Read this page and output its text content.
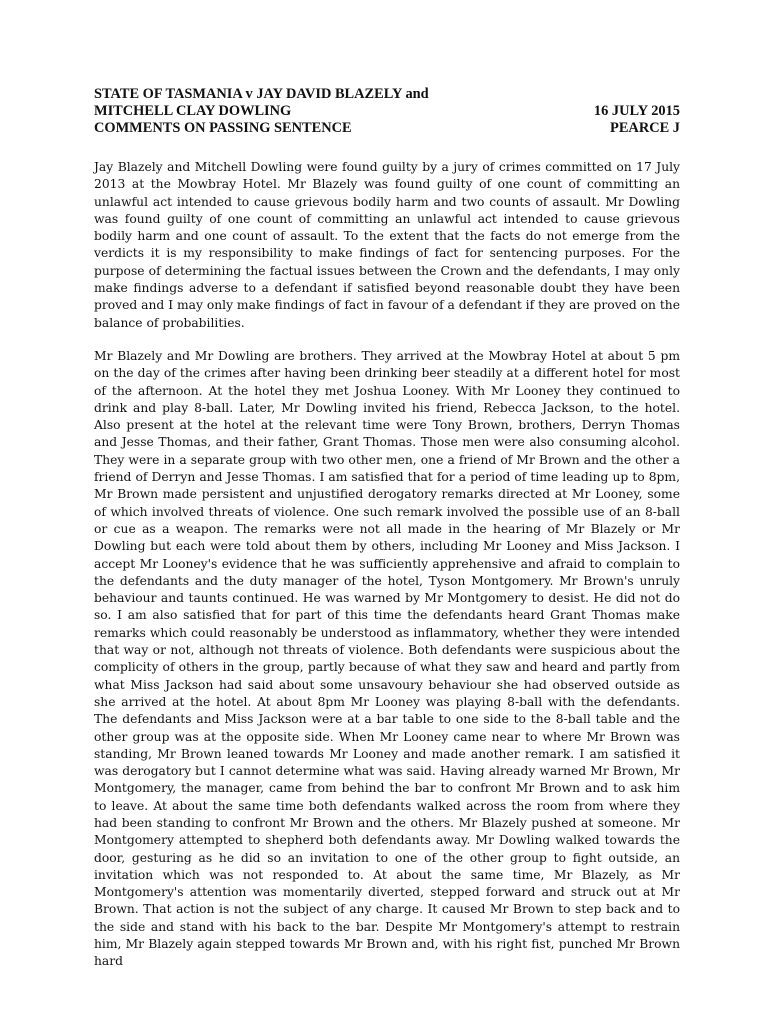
STATE OF TASMANIA v JAY DAVID BLAZELY and
MITCHELL CLAY DOWLING	16 JULY 2015
COMMENTS ON PASSING SENTENCE	PEARCE J

Jay Blazely and Mitchell Dowling were found guilty by a jury of crimes committed on 17 July 2013 at the Mowbray Hotel. Mr Blazely was found guilty of one count of committing an unlawful act intended to cause grievous bodily harm and two counts of assault. Mr Dowling was found guilty of one count of committing an unlawful act intended to cause grievous bodily harm and one count of assault. To the extent that the facts do not emerge from the verdicts it is my responsibility to make findings of fact for sentencing purposes. For the purpose of determining the factual issues between the Crown and the defendants, I may only make findings adverse to a defendant if satisfied beyond reasonable doubt they have been proved and I may only make findings of fact in favour of a defendant if they are proved on the balance of probabilities.

Mr Blazely and Mr Dowling are brothers. They arrived at the Mowbray Hotel at about 5 pm on the day of the crimes after having been drinking beer steadily at a different hotel for most of the afternoon. At the hotel they met Joshua Looney. With Mr Looney they continued to drink and play 8-ball. Later, Mr Dowling invited his friend, Rebecca Jackson, to the hotel. Also present at the hotel at the relevant time were Tony Brown, brothers, Derryn Thomas and Jesse Thomas, and their father, Grant Thomas. Those men were also consuming alcohol. They were in a separate group with two other men, one a friend of Mr Brown and the other a friend of Derryn and Jesse Thomas. I am satisfied that for a period of time leading up to 8pm, Mr Brown made persistent and unjustified derogatory remarks directed at Mr Looney, some of which involved threats of violence. One such remark involved the possible use of an 8-ball or cue as a weapon. The remarks were not all made in the hearing of Mr Blazely or Mr Dowling but each were told about them by others, including Mr Looney and Miss Jackson. I accept Mr Looney's evidence that he was sufficiently apprehensive and afraid to complain to the defendants and the duty manager of the hotel, Tyson Montgomery. Mr Brown's unruly behaviour and taunts continued. He was warned by Mr Montgomery to desist. He did not do so. I am also satisfied that for part of this time the defendants heard Grant Thomas make remarks which could reasonably be understood as inflammatory, whether they were intended that way or not, although not threats of violence. Both defendants were suspicious about the complicity of others in the group, partly because of what they saw and heard and partly from what Miss Jackson had said about some unsavoury behaviour she had observed outside as she arrived at the hotel. At about 8pm Mr Looney was playing 8-ball with the defendants. The defendants and Miss Jackson were at a bar table to one side to the 8-ball table and the other group was at the opposite side. When Mr Looney came near to where Mr Brown was standing, Mr Brown leaned towards Mr Looney and made another remark. I am satisfied it was derogatory but I cannot determine what was said. Having already warned Mr Brown, Mr Montgomery, the manager, came from behind the bar to confront Mr Brown and to ask him to leave. At about the same time both defendants walked across the room from where they had been standing to confront Mr Brown and the others. Mr Blazely pushed at someone. Mr Montgomery attempted to shepherd both defendants away. Mr Dowling walked towards the door, gesturing as he did so an invitation to one of the other group to fight outside, an invitation which was not responded to. At about the same time, Mr Blazely, as Mr Montgomery's attention was momentarily diverted, stepped forward and struck out at Mr Brown. That action is not the subject of any charge. It caused Mr Brown to step back and to the side and stand with his back to the bar. Despite Mr Montgomery's attempt to restrain him, Mr Blazely again stepped towards Mr Brown and, with his right fist, punched Mr Brown hard
